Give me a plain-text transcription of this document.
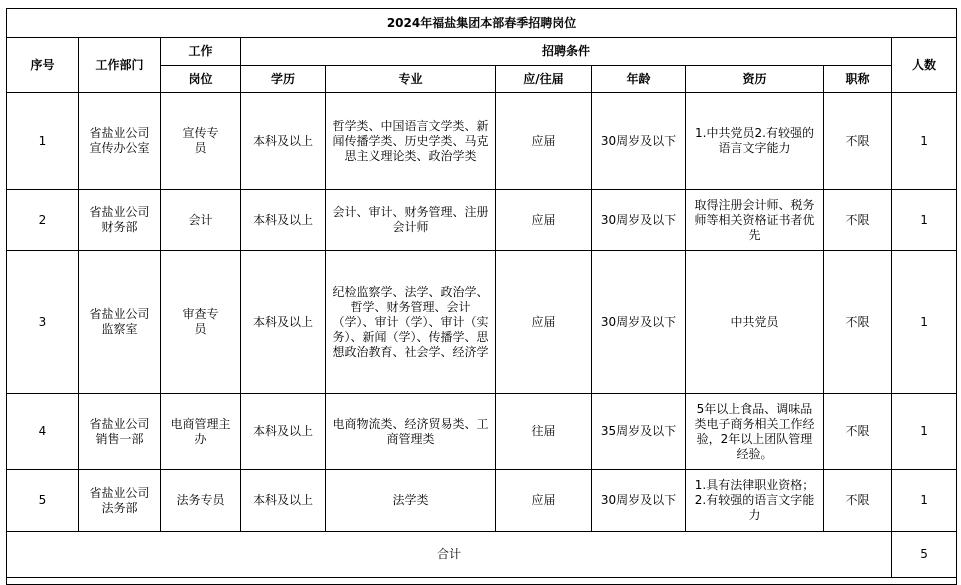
2024年福盐集团本部春季招聘岗位									
序号	工作部门	工作	招聘条件						人数
		岗位	学历	专业	应/往届	年龄	资历	职称	
1	省盐业公司宣传办公室	宣传专员	本科及以上	哲学类、中国语言文学类、新闻传播学类、历史学类、马克思主义理论类、政治学类	应届	30周岁及以下	1.中共党员2.有较强的语言文字能力	不限	1
2	省盐业公司财务部	会计	本科及以上	会计、审计、财务管理、注册会计师	应届	30周岁及以下	取得注册会计师、税务师等相关资格证书者优先	不限	1
3	省盐业公司监察室	审查专员	本科及以上	纪检监察学、法学、政治学、哲学、财务管理、会计（学）、审计（学）、审计（实务）、新闻（学）、传播学、思想政治教育、社会学、经济学	应届	30周岁及以下	中共党员	不限	1
4	省盐业公司销售一部	电商管理主办	本科及以上	电商物流类、经济贸易类、工商管理类	往届	35周岁及以下	5年以上食品、调味品类电子商务相关工作经验，2年以上团队管理经验。	不限	1
5	省盐业公司法务部	法务专员	本科及以上	法学类	应届	30周岁及以下	1.具有法律职业资格；2.有较强的语言文字能力	不限	1
合计									5
